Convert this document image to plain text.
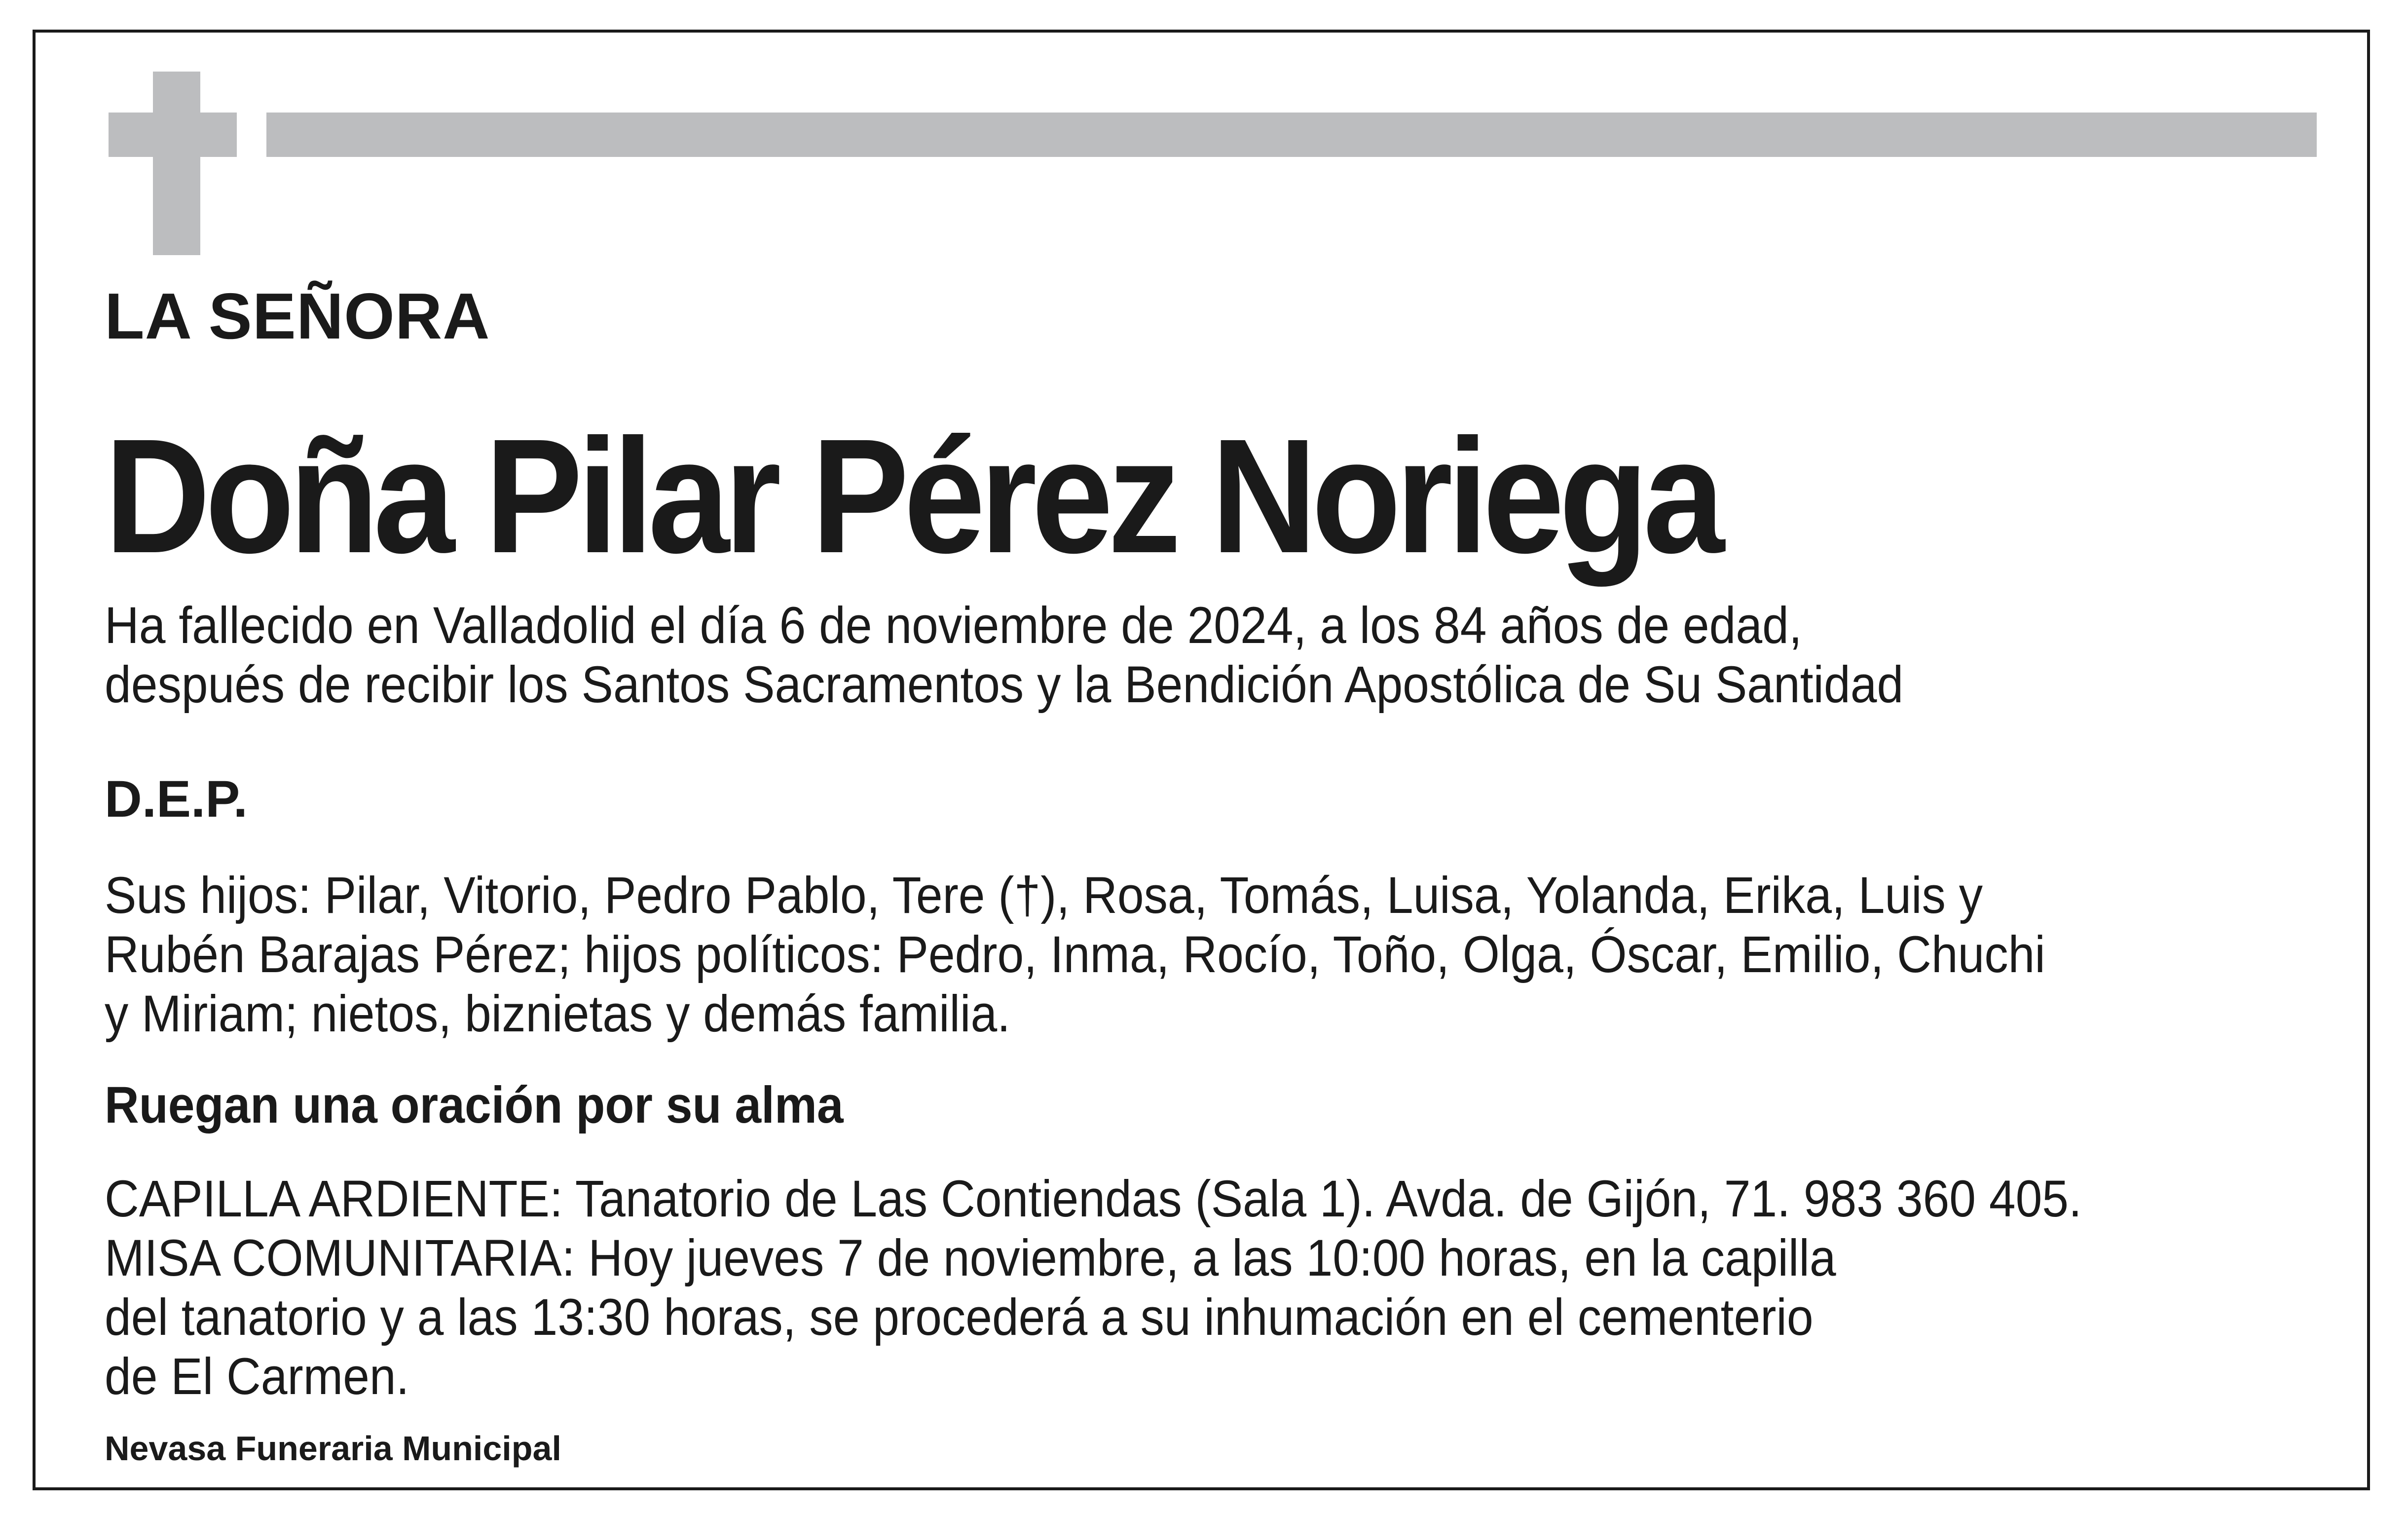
LA SEÑORA

Doña Pilar Pérez Noriega

Ha fallecido en Valladolid el día 6 de noviembre de 2024, a los 84 años de edad,
después de recibir los Santos Sacramentos y la Bendición Apostólica de Su Santidad

D.E.P.

Sus hijos: Pilar, Vitorio, Pedro Pablo, Tere (†), Rosa, Tomás, Luisa, Yolanda, Erika, Luis y
Rubén Barajas Pérez; hijos políticos: Pedro, Inma, Rocío, Toño, Olga, Óscar, Emilio, Chuchi
y Miriam; nietos, biznietas y demás familia.

Ruegan una oración por su alma

CAPILLA ARDIENTE: Tanatorio de Las Contiendas (Sala 1). Avda. de Gijón, 71. 983 360 405.
MISA COMUNITARIA: Hoy jueves 7 de noviembre, a las 10:00 horas, en la capilla
del tanatorio y a las 13:30 horas, se procederá a su inhumación en el cementerio
de El Carmen.

Nevasa Funeraria Municipal
